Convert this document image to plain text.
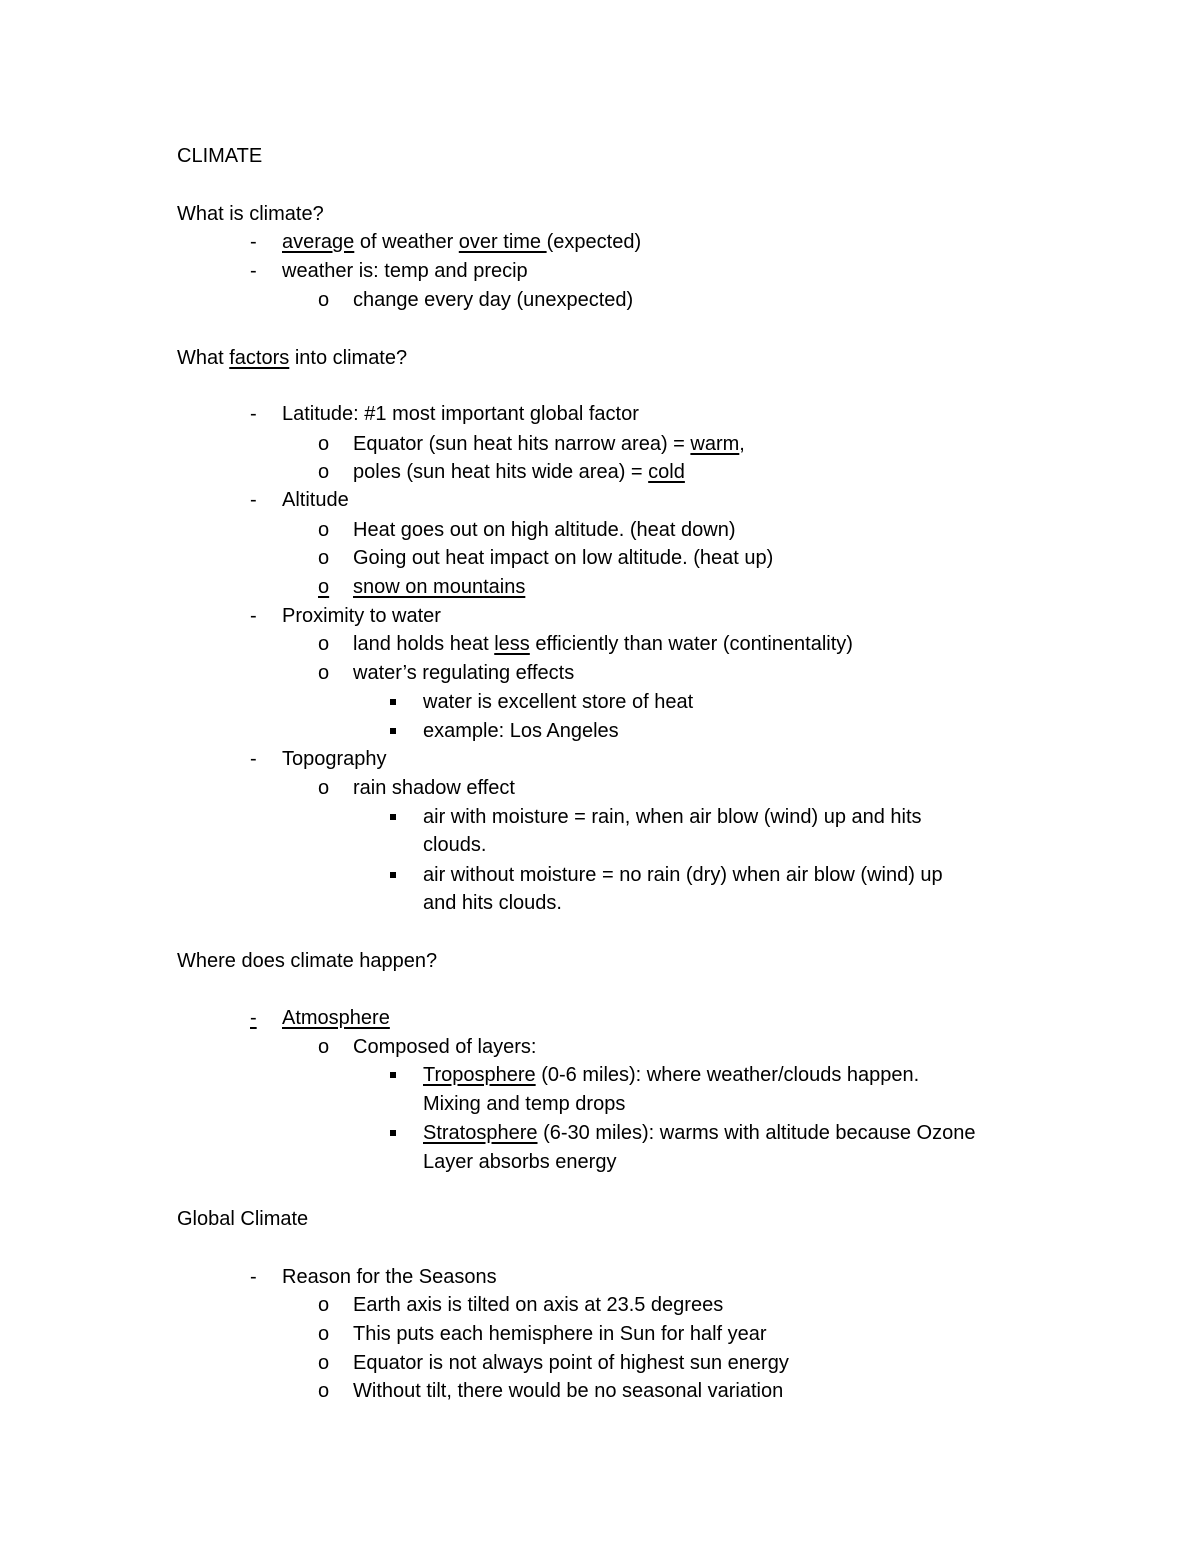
CLIMATE
What is climate?
- average of weather over time (expected)
- weather is: temp and precip
o change every day (unexpected)
What factors into climate?
- Latitude: #1 most important global factor
o Equator (sun heat hits narrow area) = warm,
o poles (sun heat hits wide area) = cold
- Altitude
o Heat goes out on high altitude. (heat down)
o Going out heat impact on low altitude. (heat up)
o	snow on mountains
- Proximity to water
o land holds heat less efficiently than water (continentality)
o water’s regulating effects
water is excellent store of heat
example: Los Angeles
- Topography
o rain shadow effect
air with moisture = rain, when air blow (wind) up and hits
clouds.
air without moisture = no rain (dry) when air blow (wind) up
and hits clouds.
Where does climate happen?
-	Atmosphere
o Composed of layers:
Troposphere (0-6 miles): where weather/clouds happen.
Mixing and temp drops
Stratosphere (6-30 miles): warms with altitude because Ozone
Layer absorbs energy
Global Climate
- Reason for the Seasons
o Earth axis is tilted on axis at 23.5 degrees
o This puts each hemisphere in Sun for half year
o Equator is not always point of highest sun energy
o Without tilt, there would be no seasonal variation
